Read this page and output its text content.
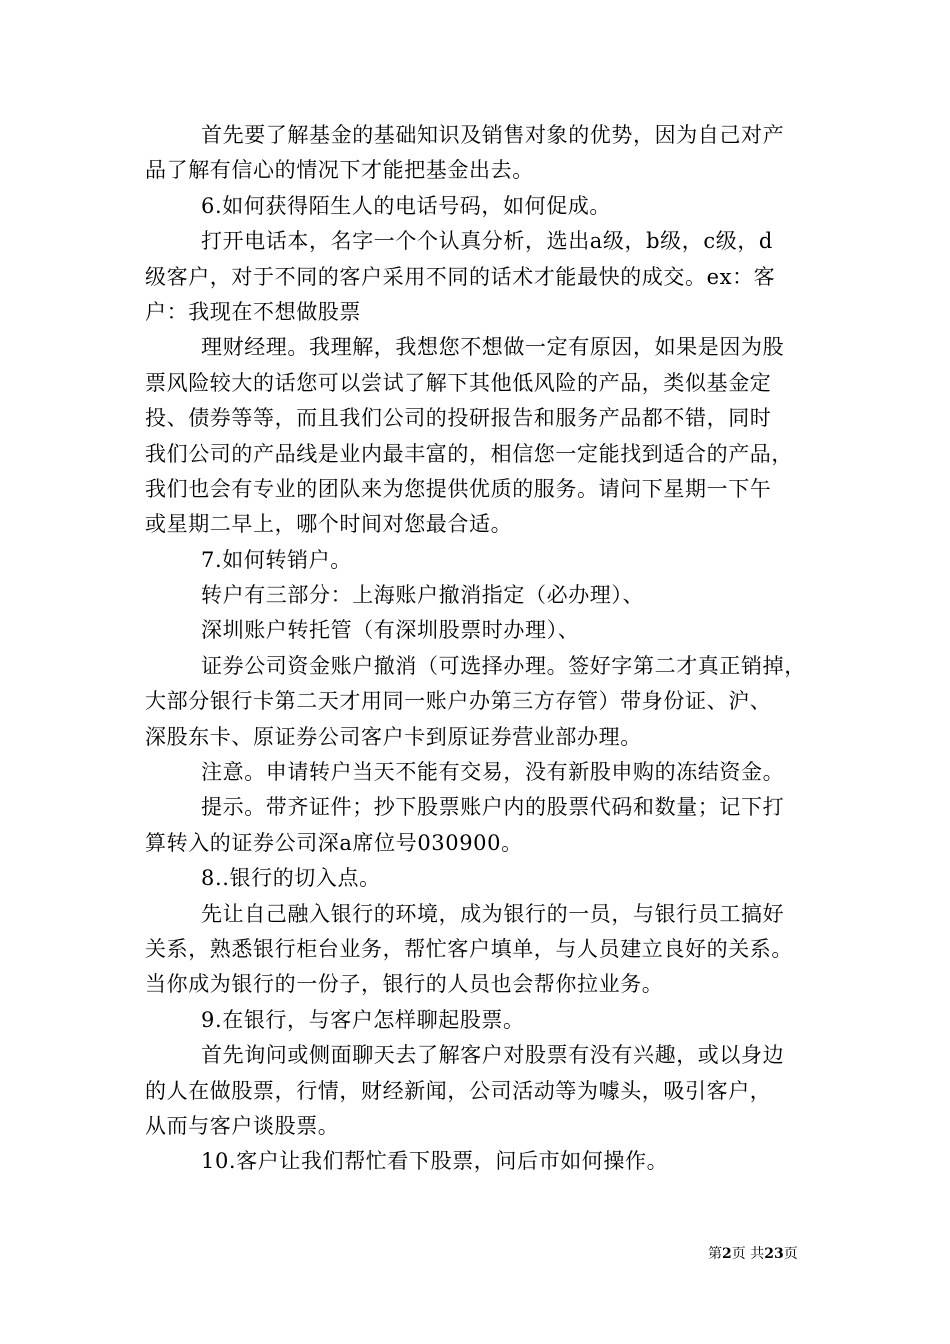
首先要了解基金的基础知识及销售对象的优势，因为自己对产
品了解有信心的情况下才能把基金出去。
6.如何获得陌生人的电话号码，如何促成。
打开电话本，名字一个个认真分析，选出a级，b级，c级，d
级客户，对于不同的客户采用不同的话术才能最快的成交。ex：客
户：我现在不想做股票
理财经理。我理解，我想您不想做一定有原因，如果是因为股
票风险较大的话您可以尝试了解下其他低风险的产品，类似基金定
投、债券等等，而且我们公司的投研报告和服务产品都不错，同时
我们公司的产品线是业内最丰富的，相信您一定能找到适合的产品，
我们也会有专业的团队来为您提供优质的服务。请问下星期一下午
或星期二早上，哪个时间对您最合适。
7.如何转销户。
转户有三部分：上海账户撤消指定（必办理）、
深圳账户转托管（有深圳股票时办理）、
证券公司资金账户撤消（可选择办理。签好字第二才真正销掉，
大部分银行卡第二天才用同一账户办第三方存管）带身份证、沪、
深股东卡、原证券公司客户卡到原证券营业部办理。
注意。申请转户当天不能有交易，没有新股申购的冻结资金。
提示。带齐证件；抄下股票账户内的股票代码和数量；记下打
算转入的证券公司深a席位号030900。
8..银行的切入点。
先让自己融入银行的环境，成为银行的一员，与银行员工搞好
关系，熟悉银行柜台业务，帮忙客户填单，与人员建立良好的关系。
当你成为银行的一份子，银行的人员也会帮你拉业务。
9.在银行，与客户怎样聊起股票。
首先询问或侧面聊天去了解客户对股票有没有兴趣，或以身边
的人在做股票，行情，财经新闻，公司活动等为噱头，吸引客户，
从而与客户谈股票。
10.客户让我们帮忙看下股票，问后市如何操作。
第2页 共23页
